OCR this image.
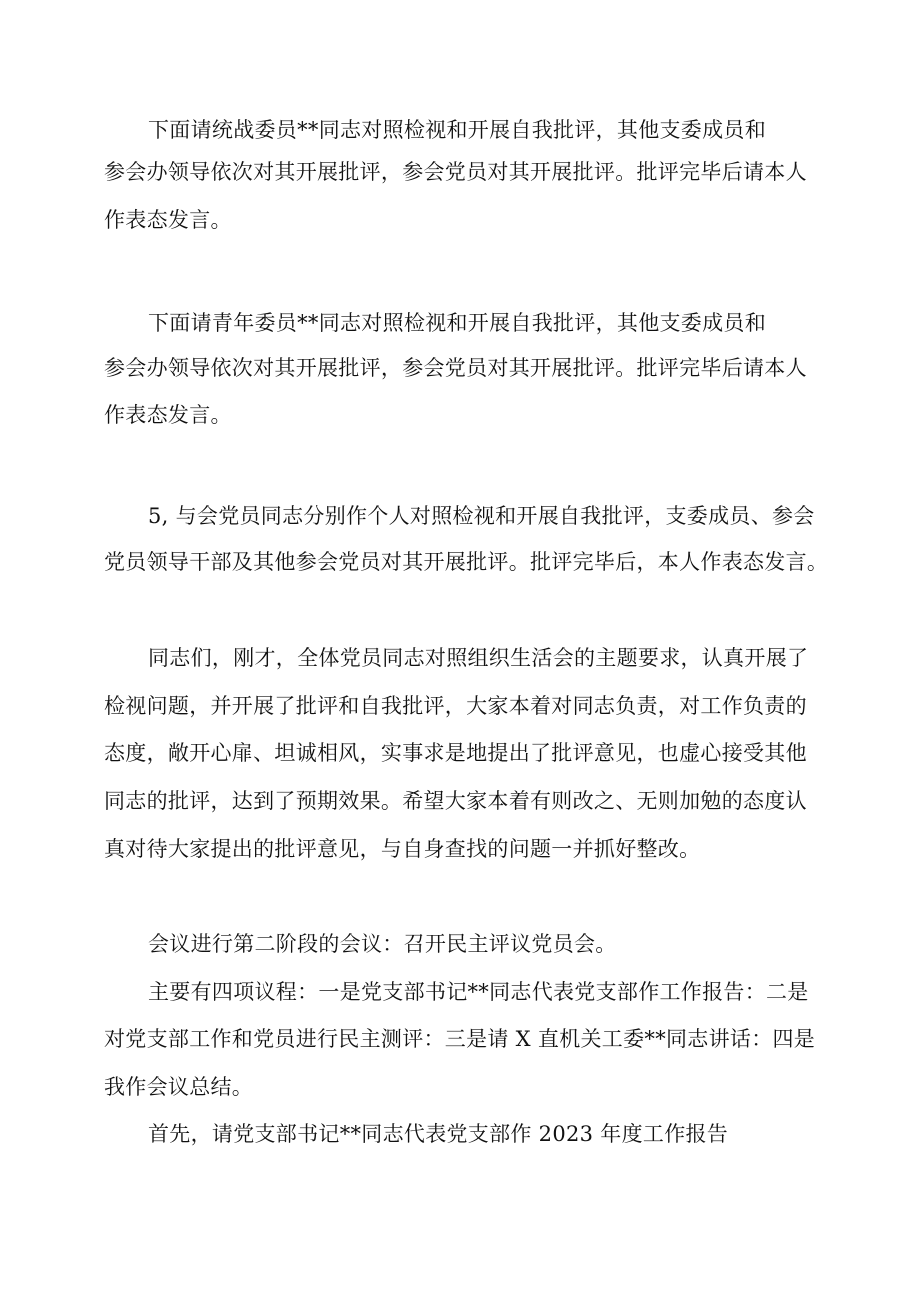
下面请统战委员**同志对照检视和开展自我批评，其他支委成员和
参会办领导依次对其开展批评，参会党员对其开展批评。批评完毕后请本人
作表态发言。
下面请青年委员**同志对照检视和开展自我批评，其他支委成员和
参会办领导依次对其开展批评，参会党员对其开展批评。批评完毕后请本人
作表态发言。
5, 与会党员同志分别作个人对照检视和开展自我批评，支委成员、参会
党员领导干部及其他参会党员对其开展批评。批评完毕后，本人作表态发言。
同志们，刚才，全体党员同志对照组织生活会的主题要求，认真开展了
检视问题，并开展了批评和自我批评，大家本着对同志负责，对工作负责的
态度，敞开心扉、坦诚相风，实事求是地提出了批评意见，也虚心接受其他
同志的批评，达到了预期效果。希望大家本着有则改之、无则加勉的态度认
真对待大家提出的批评意见，与自身查找的问题一并抓好整改。
会议进行第二阶段的会议：召开民主评议党员会。
主要有四项议程：一是党支部书记**同志代表党支部作工作报告：二是
对党支部工作和党员进行民主测评：三是请 X 直机关工委**同志讲话：四是
我作会议总结。
首先，请党支部书记**同志代表党支部作 2023 年度工作报告
